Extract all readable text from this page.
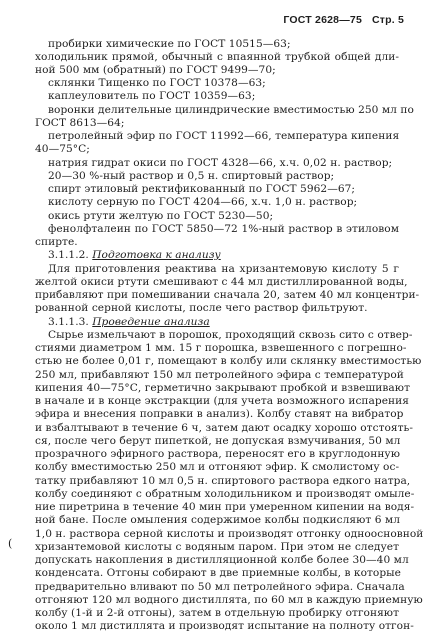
ГОСТ 2628—75 Стр. 5
пробирки химические по ГОСТ 10515—63;
холодильник прямой, обычный с впаянной трубкой общей дли-
ной 500 мм (обратный) по ГОСТ 9499—70;
склянки Тищенко по ГОСТ 10378—63;
каплеуловитель по ГОСТ 10359—63;
воронки делительные цилиндрические вместимостью 250 мл по
ГОСТ 8613—64;
петролейный эфир по ГОСТ 11992—66, температура кипения
40—75°С;
натрия гидрат окиси по ГОСТ 4328—66, х.ч. 0,02 н. раствор;
20—30 %-ный раствор и 0,5 н. спиртовый раствор;
спирт этиловый ректификованный по ГОСТ 5962—67;
кислоту серную по ГОСТ 4204—66, х.ч. 1,0 н. раствор;
окись ртути желтую по ГОСТ 5230—50;
фенолфталеин по ГОСТ 5850—72 1%-ный раствор в этиловом
спирте.
3.1.1.2. Подготовка к анализу
Для приготовления реактива на хризантемовую кислоту 5 г
желтой окиси ртути смешивают с 44 мл дистиллированной воды,
прибавляют при помешивании сначала 20, затем 40 мл концентри-
рованной серной кислоты, после чего раствор фильтруют.
3.1.1.3. Проведение анализа
Сырье измельчают в порошок, проходящий сквозь сито с отвер-
стиями диаметром 1 мм. 15 г порошка, взвешенного с погрешно-
стью не более 0,01 г, помещают в колбу или склянку вместимостью
250 мл, прибавляют 150 мл петролейного эфира с температурой
кипения 40—75°С, герметично закрывают пробкой и взвешивают
в начале и в конце экстракции (для учета возможного испарения
эфира и внесения поправки в анализ). Колбу ставят на вибратор
и взбалтывают в течение 6 ч, затем дают осадку хорошо отстоять-
ся, после чего берут пипеткой, не допуская взмучивания, 50 мл
прозрачного эфирного раствора, переносят его в круглодонную
колбу вместимостью 250 мл и отгоняют эфир. К смолистому ос-
татку прибавляют 10 мл 0,5 н. спиртового раствора едкого натра,
колбу соединяют с обратным холодильником и производят омыле-
ние пиретрина в течение 40 мин при умеренном кипении на водя-
ной бане. После омыления содержимое колбы подкисляют 6 мл
1,0 н. раствора серной кислоты и производят отгонку одноосновной
хризантемовой кислоты с водяным паром. При этом не следует
допускать накопления в дистилляционной колбе более 30—40 мл
конденсата. Отгоны собирают в две приемные колбы, в которые
предварительно вливают по 50 мл петролейного эфира. Сначала
отгоняют 120 мл водного дистиллята, по 60 мл в каждую приемную
колбу (1-й и 2-й отгоны), затем в отдельную пробирку отгоняют
около 1 мл дистиллята и производят испытание на полноту отгон-
(
